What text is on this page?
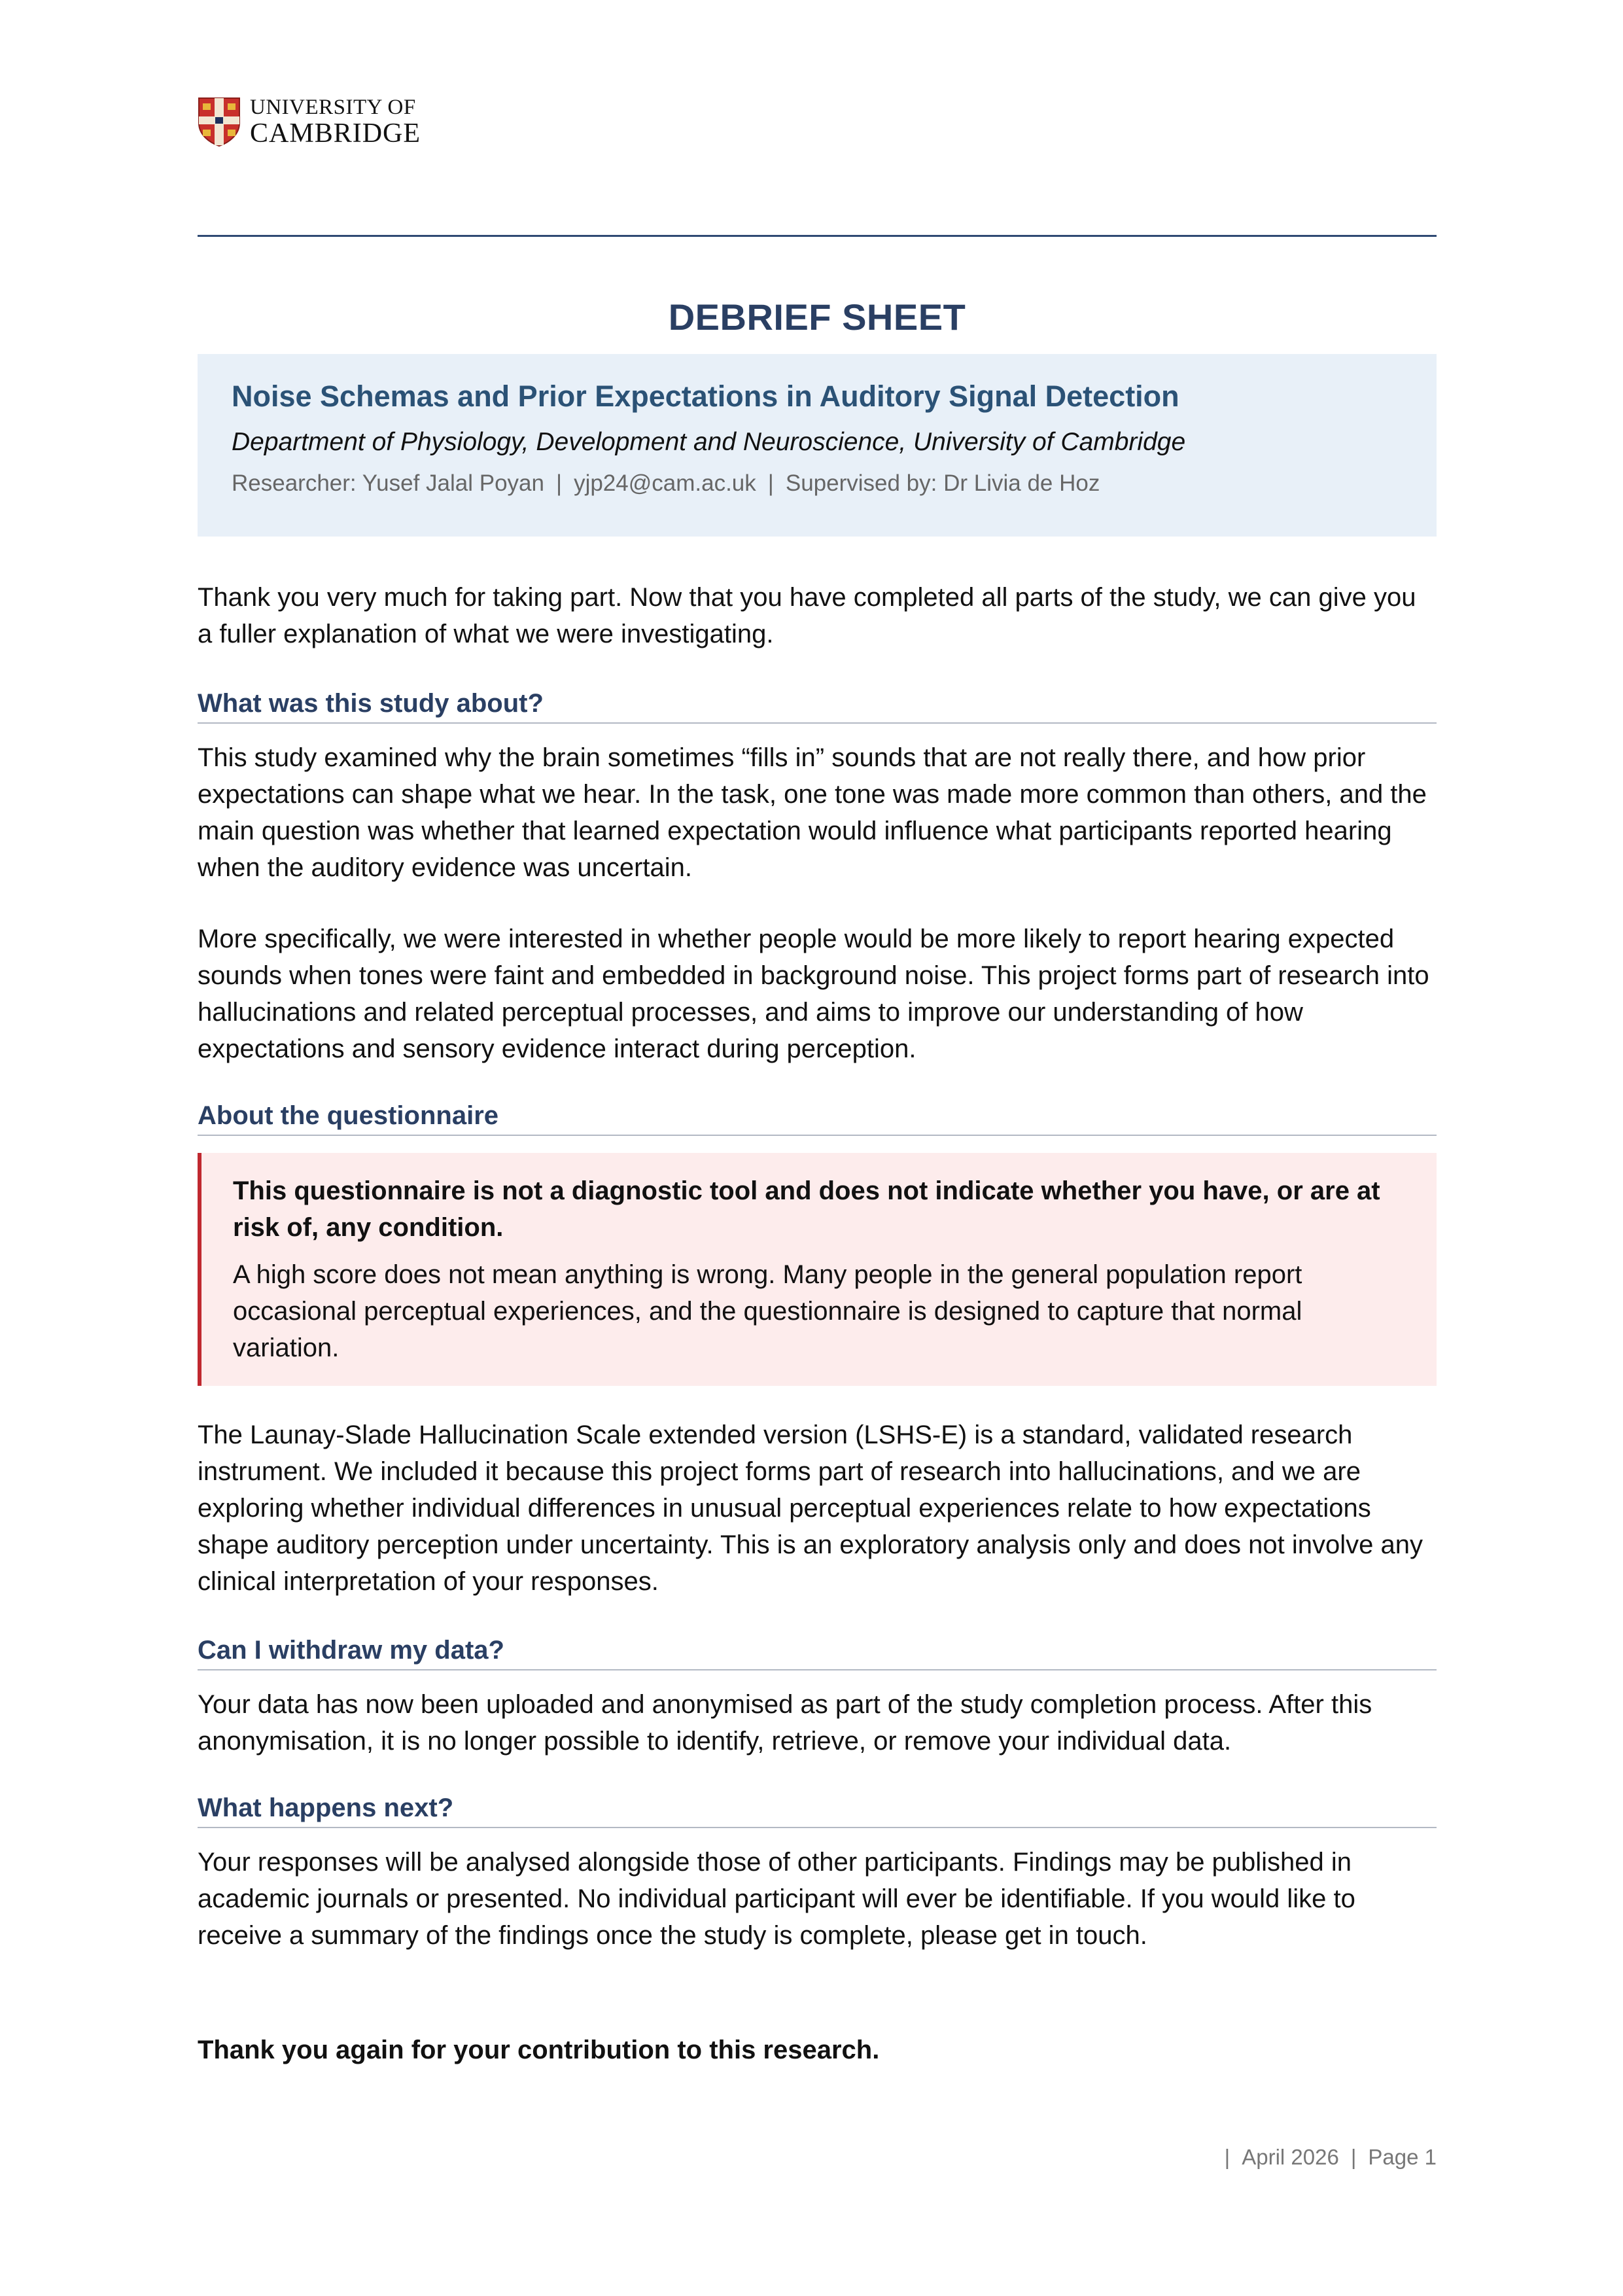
UNIVERSITY OF
CAMBRIDGE
DEBRIEF SHEET
Noise Schemas and Prior Expectations in Auditory Signal Detection
Department of Physiology, Development and Neuroscience, University of Cambridge
Researcher: Yusef Jalal Poyan | yjp24@cam.ac.uk | Supervised by: Dr Livia de Hoz

Thank you very much for taking part. Now that you have completed all parts of the study, we can give you a fuller explanation of what we were investigating.

What was this study about?

This study examined why the brain sometimes “fills in” sounds that are not really there, and how prior expectations can shape what we hear. In the task, one tone was made more common than others, and the main question was whether that learned expectation would influence what participants reported hearing when the auditory evidence was uncertain.

More specifically, we were interested in whether people would be more likely to report hearing expected sounds when tones were faint and embedded in background noise. This project forms part of research into hallucinations and related perceptual processes, and aims to improve our understanding of how expectations and sensory evidence interact during perception.

About the questionnaire

This questionnaire is not a diagnostic tool and does not indicate whether you have, or are at risk of, any condition.

A high score does not mean anything is wrong. Many people in the general population report occasional perceptual experiences, and the questionnaire is designed to capture that normal variation.

The Launay-Slade Hallucination Scale extended version (LSHS-E) is a standard, validated research instrument. We included it because this project forms part of research into hallucinations, and we are exploring whether individual differences in unusual perceptual experiences relate to how expectations shape auditory perception under uncertainty. This is an exploratory analysis only and does not involve any clinical interpretation of your responses.

Can I withdraw my data?

Your data has now been uploaded and anonymised as part of the study completion process. After this anonymisation, it is no longer possible to identify, retrieve, or remove your individual data.

What happens next?

Your responses will be analysed alongside those of other participants. Findings may be published in academic journals or presented. No individual participant will ever be identifiable. If you would like to receive a summary of the findings once the study is complete, please get in touch.

Thank you again for your contribution to this research.
| April 2026 | Page 1
